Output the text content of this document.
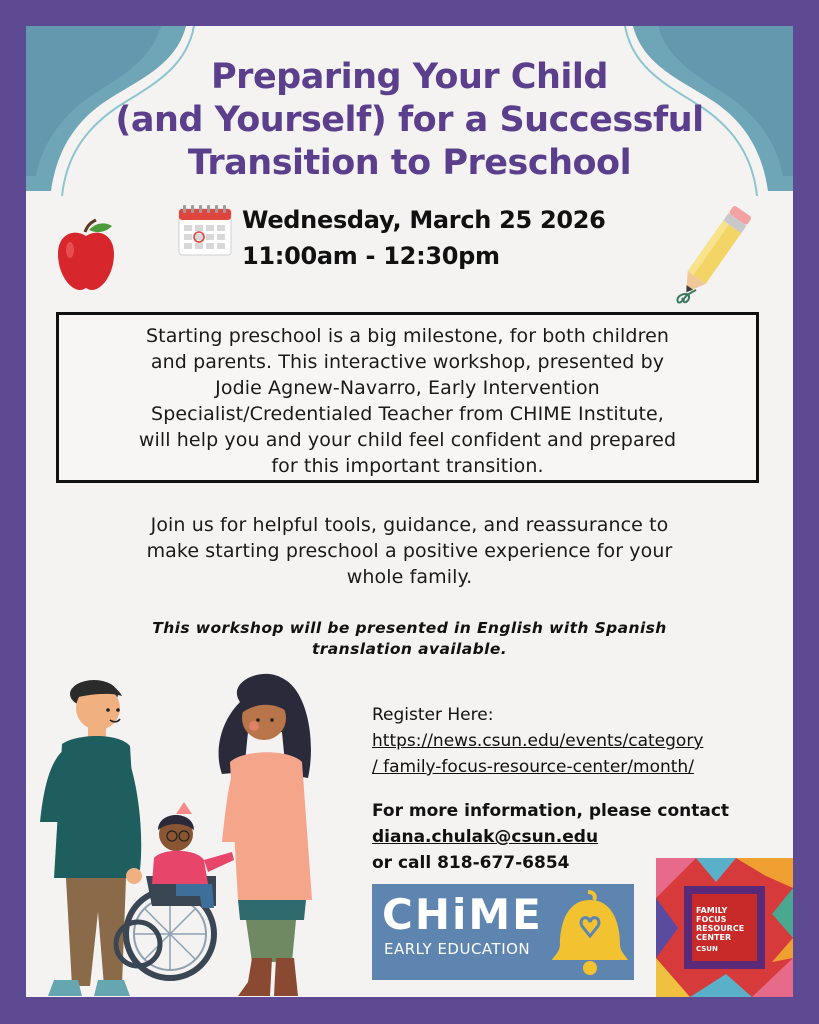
Preparing Your Child
(and Yourself) for a Successful
Transition to Preschool
Wednesday, March 25 2026
11:00am - 12:30pm
Starting preschool is a big milestone, for both children
and parents. This interactive workshop, presented by
Jodie Agnew-Navarro, Early Intervention
Specialist/Credentialed Teacher from CHIME Institute,
will help you and your child feel confident and prepared
for this important transition.
Join us for helpful tools, guidance, and reassurance to
make starting preschool a positive experience for your
whole family.
This workshop will be presented in English with Spanish
translation available.
Register Here:
https://news.csun.edu/events/category
/ family-focus-resource-center/month/
For more information, please contact
diana.chulak@csun.edu
or call 818-677-6854
CHiME
EARLY EDUCATION
FAMILY
FOCUS
RESOURCE
CENTER
CSUN
